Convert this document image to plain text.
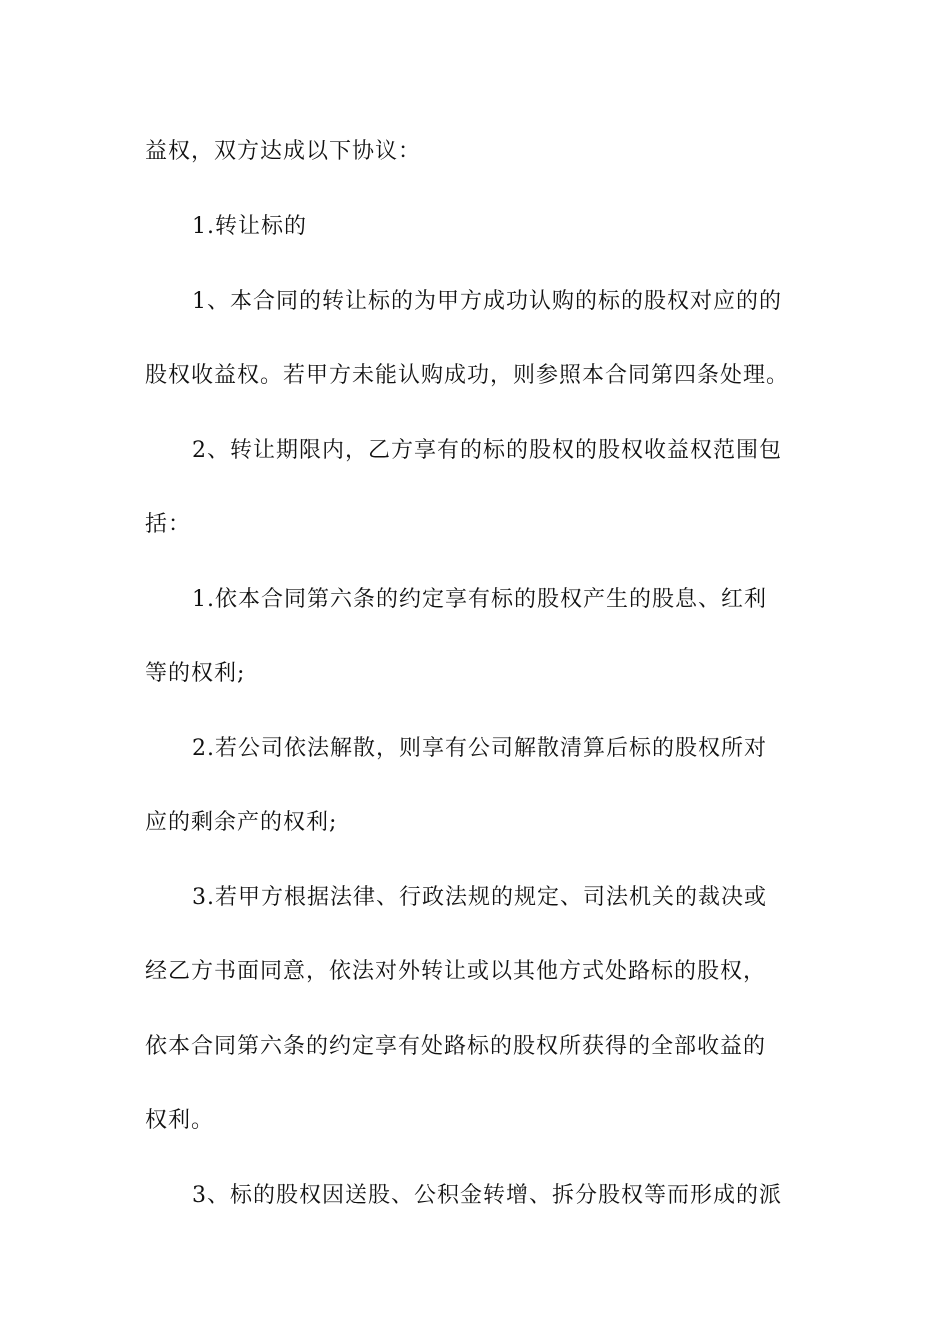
益权，双方达成以下协议：
1.转让标的
1、本合同的转让标的为甲方成功认购的标的股权对应的的
股权收益权。若甲方未能认购成功，则参照本合同第四条处理。
2、转让期限内，乙方享有的标的股权的股权收益权范围包
括：
1.依本合同第六条的约定享有标的股权产生的股息、红利
等的权利;
2.若公司依法解散，则享有公司解散清算后标的股权所对
应的剩余产的权利;
3.若甲方根据法律、行政法规的规定、司法机关的裁决或
经乙方书面同意，依法对外转让或以其他方式处路标的股权，
依本合同第六条的约定享有处路标的股权所获得的全部收益的
权利。
3、标的股权因送股、公积金转增、拆分股权等而形成的派
